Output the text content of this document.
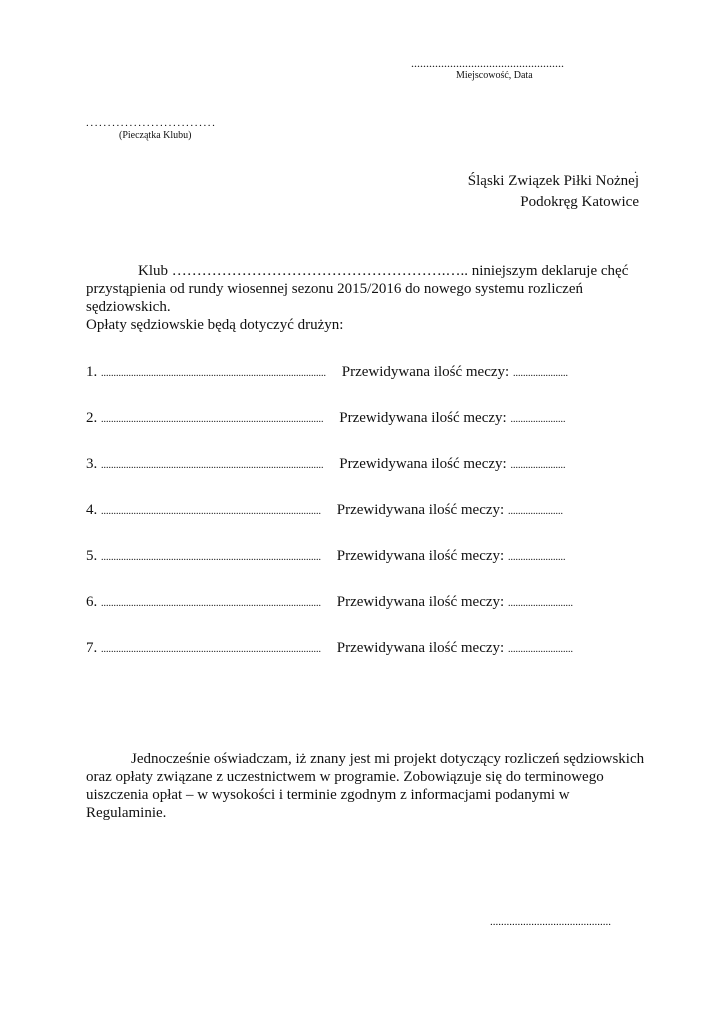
...................................................
Miejscowość, Data
..............................
(Pieczątka Klubu)
.
Śląski Związek Piłki Nożnej
Podokręg Katowice
Klub ……………………………………………….….. niniejszym deklaruje chęć
przystąpienia od rundy wiosennej sezonu 2015/2016 do nowego systemu rozliczeń
sędziowskich.
Opłaty sędziowskie będą dotyczyć drużyn:
1. .......................................................................................... Przewidywana ilość meczy: ......................
2. ......................................................................................... Przewidywana ilość meczy: ......................
3. ......................................................................................... Przewidywana ilość meczy: ......................
4. ........................................................................................ Przewidywana ilość meczy: ......................
5. ........................................................................................ Przewidywana ilość meczy: .......................
6. ........................................................................................ Przewidywana ilość meczy: ..........................
7. ........................................................................................ Przewidywana ilość meczy: ..........................
Jednocześnie oświadczam, iż znany jest mi projekt dotyczący rozliczeń sędziowskich
oraz opłaty związane z uczestnictwem w programie. Zobowiązuje się do terminowego
uiszczenia opłat – w wysokości i terminie zgodnym z informacjami podanymi w
Regulaminie.
............................................
